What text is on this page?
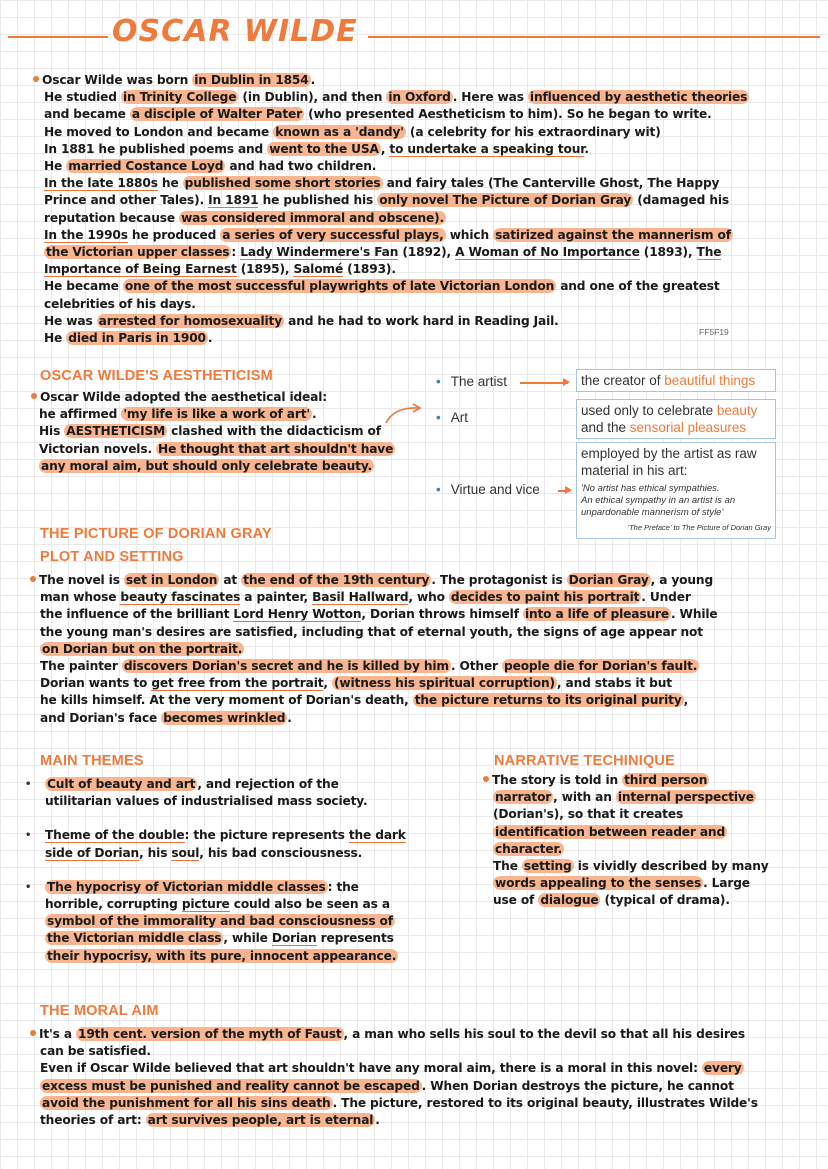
OSCAR WILDE

Oscar Wilde was born in Dublin in 1854 .

He studied in Trinity College (in Dublin), and then in Oxford . Here was influenced by aesthetic theories

and became a disciple of Walter Pater (who presented Aestheticism to him). So he began to write.

He moved to London and became known as a 'dandy' (a celebrity for his extraordinary wit)

In 1881 he published poems and went to the USA , to undertake a speaking tour.

He married Costance Loyd and had two children.

In the late 1880s he published some short stories and fairy tales (The Canterville Ghost, The Happy

Prince and other Tales). In 1891 he published his only novel The Picture of Dorian Gray (damaged his

reputation because was considered immoral and obscene).

In the 1990s he produced a series of very successful plays, which satirized against the mannerism of

the Victorian upper classes : Lady Windermere's Fan (1892), A Woman of No Importance (1893), The

Importance of Being Earnest (1895), Salomé (1893).

He became one of the most successful playwrights of late Victorian London and one of the greatest

celebrities of his days.

He was arrested for homosexuality and he had to work hard in Reading Jail.

He died in Paris in 1900 .	FF5F19
OSCAR WILDE'S AESTHETICISM

Oscar Wilde adopted the aesthetical ideal:

he affirmed 'my life is like a work of art' .

His AESTHETICISM clashed with the didacticism of

Victorian novels. He thought that art shouldn't have

any moral aim, but should only celebrate beauty.

• The artist	the creator of beautiful things
• Art	used only to celebrate beauty
and the sensorial pleasures
• Virtue and vice
employed by the artist as raw
material in his art:
'No artist has ethical sympathies.
An ethical sympathy in an artist is an
unpardonable mannerism of style'
'The Preface' to The Picture of Dorian Gray
THE PICTURE OF DORIAN GRAY
PLOT AND SETTING

The novel is set in London at the end of the 19th century . The protagonist is Dorian Gray , a young

man whose beauty fascinates a painter, Basil Hallward, who decides to paint his portrait . Under

the influence of the brilliant Lord Henry Wotton, Dorian throws himself into a life of pleasure . While

the young man's desires are satisfied, including that of eternal youth, the signs of age appear not

on Dorian but on the portrait.

The painter discovers Dorian's secret and he is killed by him . Other people die for Dorian's fault.

Dorian wants to get free from the portrait, (witness his spiritual corruption) , and stabs it but

he kills himself. At the very moment of Dorian's death, the picture returns to its original purity ,

and Dorian's face becomes wrinkled .

MAIN THEMES
• Cult of beauty and art , and rejection of the

utilitarian values of industrialised mass society.

• Theme of the double: the picture represents the dark

side of Dorian, his soul, his bad consciousness.

• The hypocrisy of Victorian middle classes : the

horrible, corrupting picture could also be seen as a

symbol of the immorality and bad consciousness of

the Victorian middle class , while Dorian represents

their hypocrisy, with its pure, innocent appearance.

NARRATIVE TECHINIQUE

The story is told in third person

narrator , with an internal perspective

(Dorian's), so that it creates

identification between reader and

character.

The setting is vividly described by many

words appealing to the senses . Large

use of dialogue (typical of drama).

THE MORAL AIM

It's a 19th cent. version of the myth of Faust , a man who sells his soul to the devil so that all his desires

can be satisfied.

Even if Oscar Wilde believed that art shouldn't have any moral aim, there is a moral in this novel: every

excess must be punished and reality cannot be escaped . When Dorian destroys the picture, he cannot

avoid the punishment for all his sins death . The picture, restored to its original beauty, illustrates Wilde's

theories of art: art survives people, art is eternal .
